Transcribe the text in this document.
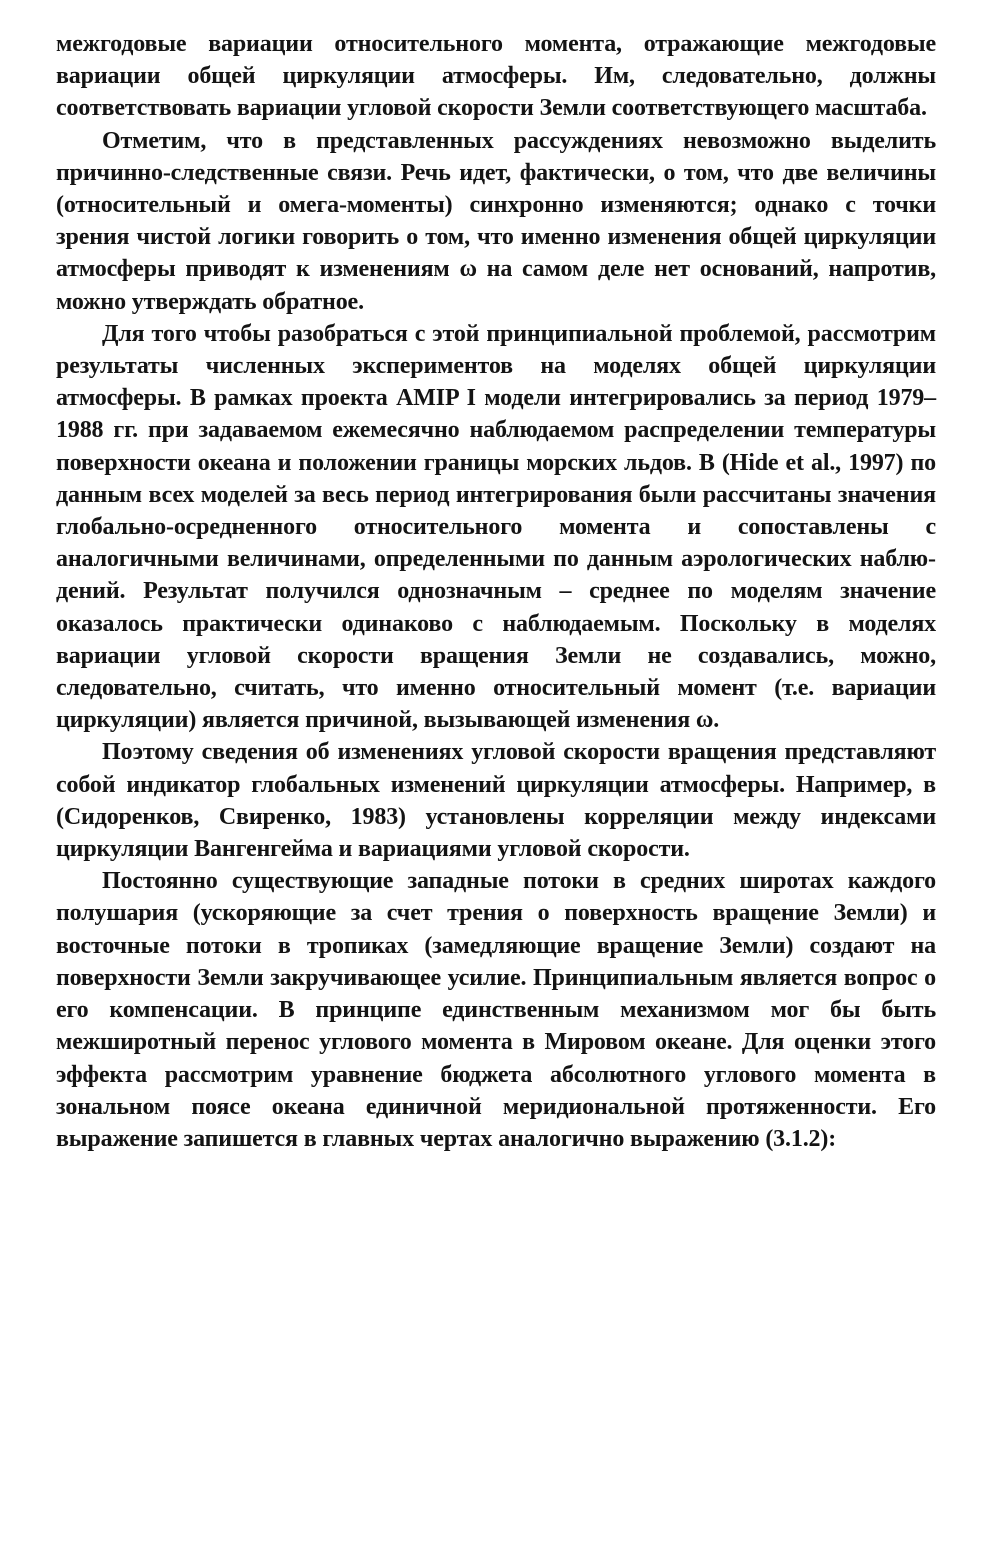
межгодовые вариации относительного момента, отражающие межгодовые вариации общей циркуляции атмосферы. Им, следовательно, должны соответствовать вариации угловой скорости Земли соответствующего масштаба.

Отметим, что в представленных рассуждениях невозможно выделить причинно-следственные связи. Речь идет, фактически, о том, что две величины (относительный и омега-моменты) синхронно изменяются; однако с точки зрения чистой логики говорить о том, что именно изменения общей циркуляции атмосферы приводят к изменениям ω на самом деле нет оснований, напротив, можно утверждать обратное.

Для того чтобы разобраться с этой принципиальной проблемой, рассмотрим результаты численных экспериментов на моделях общей циркуляции атмосферы. В рамках проекта AMIP I модели интегрировались за период 1979–1988 гг. при задаваемом ежемесячно наблюдаемом распределении температуры поверхности океана и положении границы морских льдов. В (Hide et al., 1997) по данным всех моделей за весь период интегрирования были рассчитаны значения глобально-осредненного относительного момента и сопоставлены с аналогичными величинами, определенными по данным аэрологических наблюдений. Результат получился однозначным – среднее по моделям значение оказалось практически одинаково с наблюдаемым. Поскольку в моделях вариации угловой скорости вращения Земли не создавались, можно, следовательно, считать, что именно относительный момент (т.е. вариации циркуляции) является причиной, вызывающей изменения ω.

Поэтому сведения об изменениях угловой скорости вращения представляют собой индикатор глобальных изменений циркуляции атмосферы. Например, в (Сидоренков, Свиренко, 1983) установлены корреляции между индексами циркуляции Вангенгейма и вариациями угловой скорости.

Постоянно существующие западные потоки в средних широтах каждого полушария (ускоряющие за счет трения о поверхность вращение Земли) и восточные потоки в тропиках (замедляющие вращение Земли) создают на поверхности Земли закручивающее усилие. Принципиальным является вопрос о его компенсации. В принципе единственным механизмом мог бы быть межширотный перенос углового момента в Мировом океане. Для оценки этого эффекта рассмотрим уравнение бюджета абсолютного углового момента в зональном поясе океана единичной меридиональной протяженности. Его выражение запишется в главных чертах аналогично выражению (3.1.2):
